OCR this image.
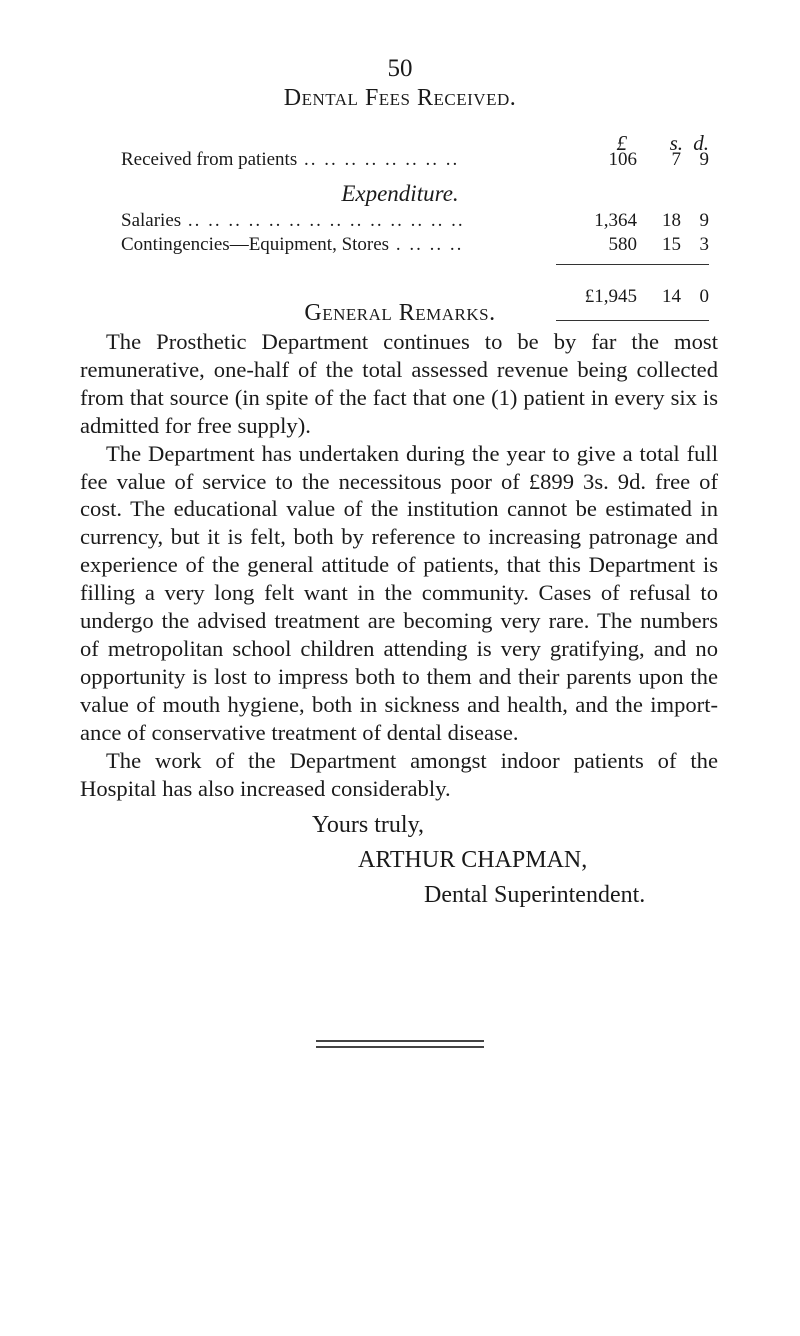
50
Dental Fees Received.
£	s. d.
Received from patients .. .. .. .. .. .. .. ..	106	7 9
Expenditure.
Salaries .. .. .. .. .. .. .. .. .. .. .. .. .. ..	1,364	18 9
Contingencies—Equipment, Stores . .. .. ..	580	15 3
£1,945	14 0
General Remarks.

The Prosthetic Department continues to be by far the most remunerative, one-half of the total assessed revenue being collected from that source (in spite of the fact that one (1) patient in every six is admitted for free supply).

The Department has undertaken during the year to give a total full fee value of service to the necessitous poor of £899 3s. 9d. free of cost. The educational value of the institution cannot be estimated in currency, but it is felt, both by reference to increasing patronage and experience of the general attitude of patients, that this Department is filling a very long felt want in the community. Cases of refusal to undergo the advised treatment are becoming very rare. The numbers of metropolitan school children attending is very gratifying, and no opportunity is lost to impress both to them and their parents upon the value of mouth hygiene, both in sickness and health, and the import-ance of conservative treatment of dental disease.

The work of the Department amongst indoor patients of the Hospital has also increased considerably.

Yours truly,
ARTHUR CHAPMAN,
Dental Superintendent.
